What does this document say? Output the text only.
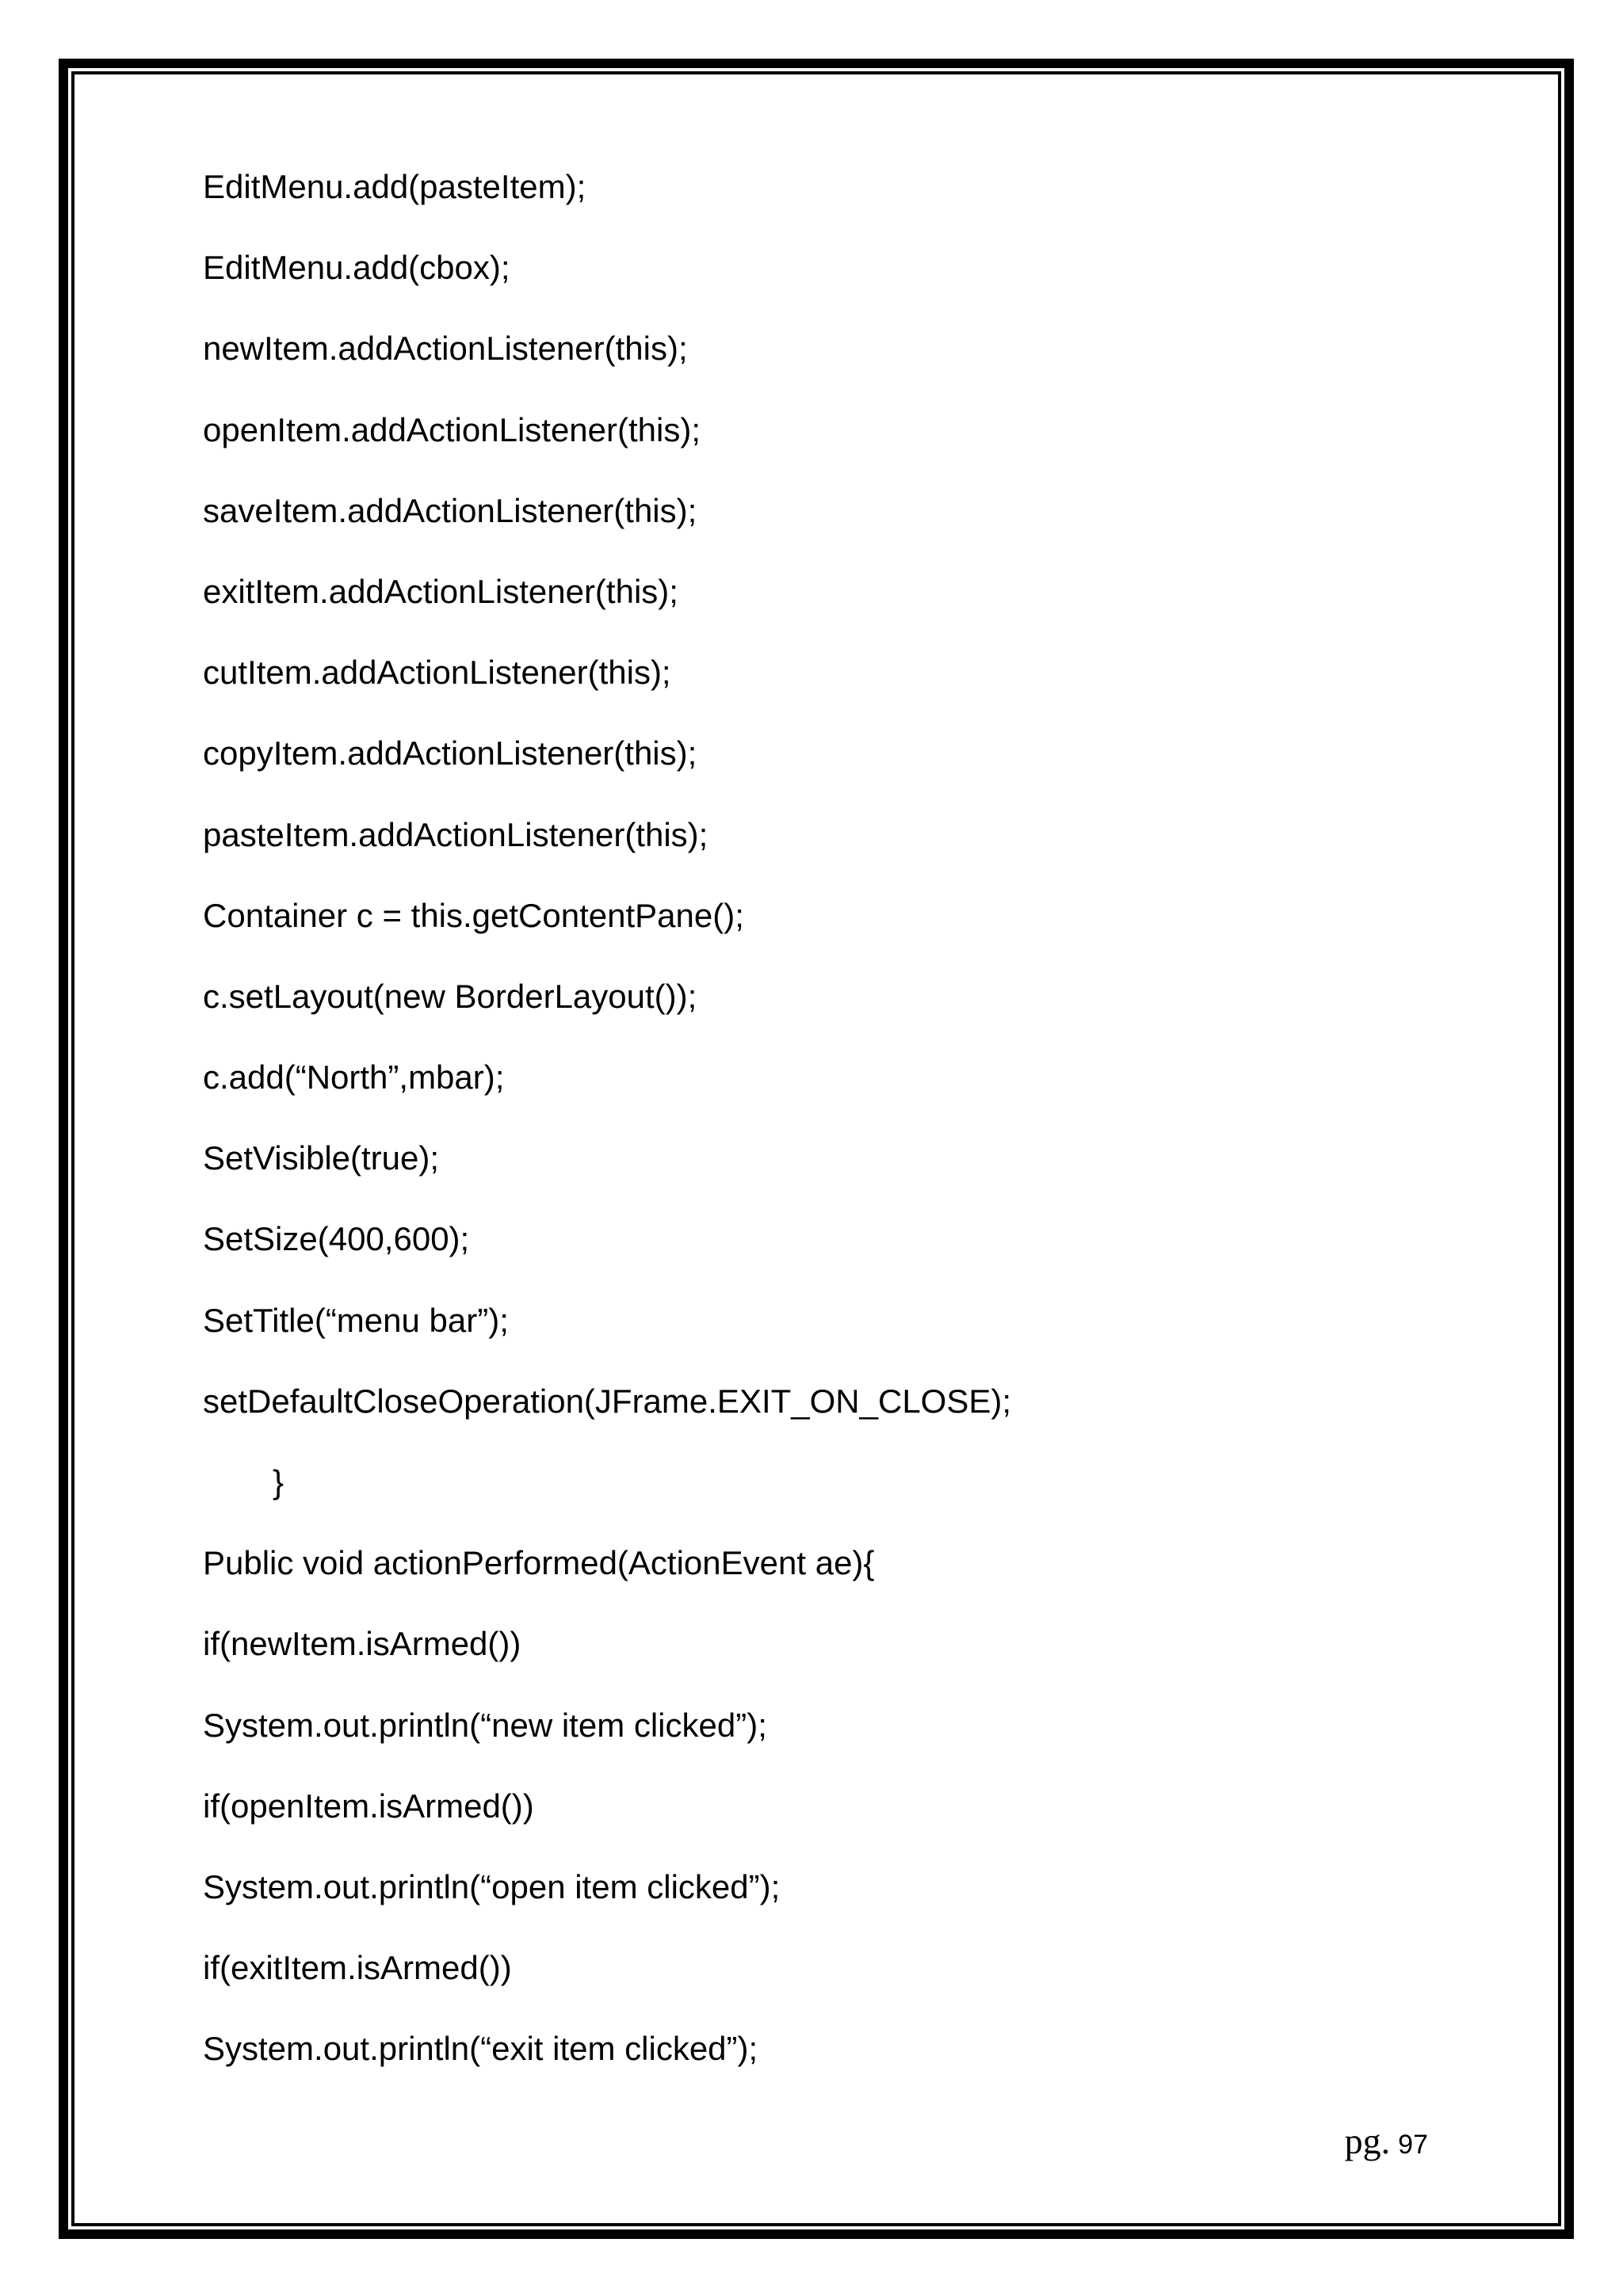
EditMenu.add(pasteItem);
EditMenu.add(cbox);
newItem.addActionListener(this);
openItem.addActionListener(this);
saveItem.addActionListener(this);
exitItem.addActionListener(this);
cutItem.addActionListener(this);
copyItem.addActionListener(this);
pasteItem.addActionListener(this);
Container c = this.getContentPane();
c.setLayout(new BorderLayout());
c.add(“North”,mbar);
SetVisible(true);
SetSize(400,600);
SetTitle(“menu bar”);
setDefaultCloseOperation(JFrame.EXIT_ON_CLOSE);
}
Public void actionPerformed(ActionEvent ae){
if(newItem.isArmed())
System.out.println(“new item clicked”);
if(openItem.isArmed())
System.out.println(“open item clicked”);
if(exitItem.isArmed())
System.out.println(“exit item clicked”);
pg. 97
